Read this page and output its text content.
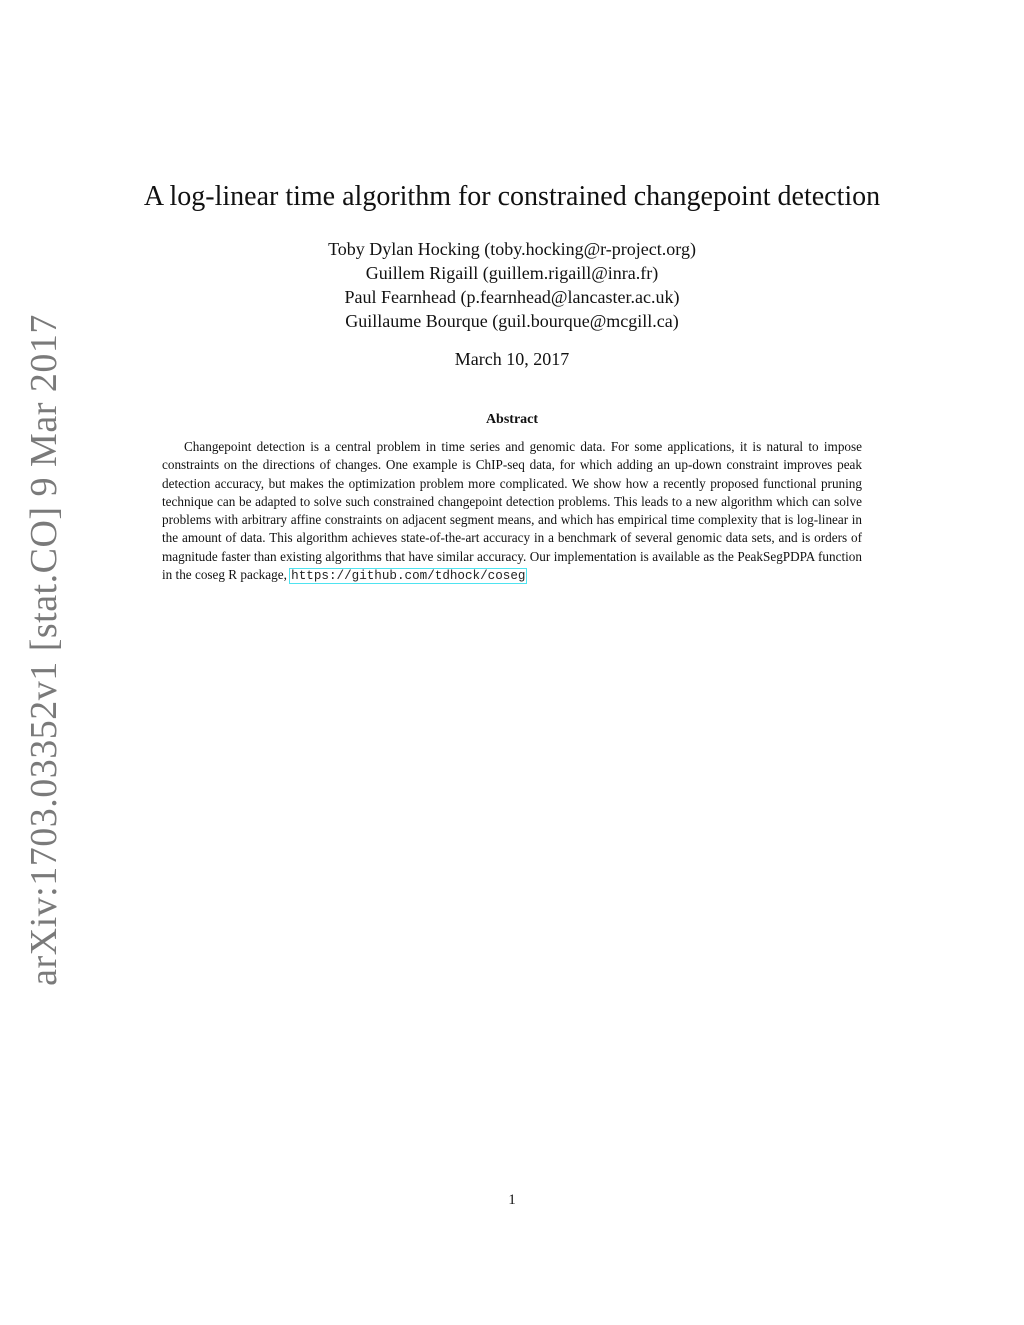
arXiv:1703.03352v1 [stat.CO] 9 Mar 2017
A log-linear time algorithm for constrained changepoint detection
Toby Dylan Hocking (toby.hocking@r-project.org)
Guillem Rigaill (guillem.rigaill@inra.fr)
Paul Fearnhead (p.fearnhead@lancaster.ac.uk)
Guillaume Bourque (guil.bourque@mcgill.ca)
March 10, 2017
Abstract

Changepoint detection is a central problem in time series and genomic data. For some applications, it is natural to impose constraints on the directions of changes. One example is ChIP-seq data, for which adding an up-down constraint improves peak detection accuracy, but makes the optimization problem more complicated. We show how a recently proposed functional pruning technique can be adapted to solve such constrained changepoint detection problems. This leads to a new algorithm which can solve problems with arbitrary affine constraints on adjacent segment means, and which has empirical time complexity that is log-linear in the amount of data. This algorithm achieves state-of-the-art accuracy in a benchmark of several genomic data sets, and is orders of magnitude faster than existing algorithms that have similar accuracy. Our implementation is available as the PeakSegPDPA function in the coseg R package, https://github.com/tdhock/coseg

1
